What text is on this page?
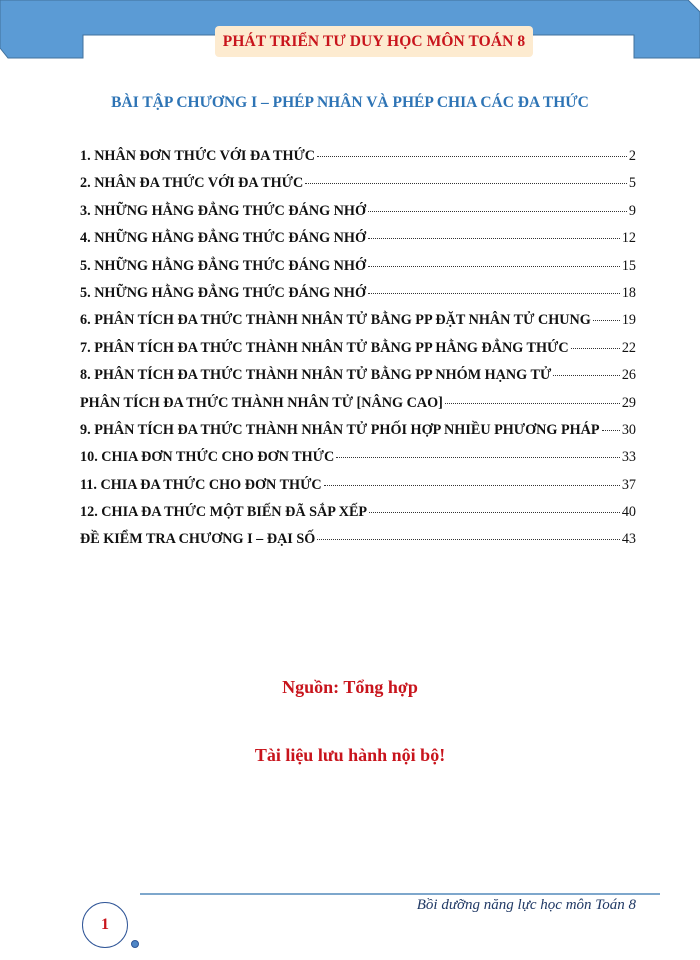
PHÁT TRIỂN TƯ DUY HỌC MÔN TOÁN 8
BÀI TẬP CHƯƠNG I – PHÉP NHÂN VÀ PHÉP CHIA CÁC ĐA THỨC
1. NHÂN ĐƠN THỨC VỚI ĐA THỨC	2
2. NHÂN ĐA THỨC VỚI ĐA THỨC	5
3. NHỮNG HẰNG ĐẲNG THỨC ĐÁNG NHỚ	9
4. NHỮNG HẰNG ĐẲNG THỨC ĐÁNG NHỚ	12
5. NHỮNG HẰNG ĐẲNG THỨC ĐÁNG NHỚ	15
5. NHỮNG HẰNG ĐẲNG THỨC ĐÁNG NHỚ	18
6. PHÂN TÍCH ĐA THỨC THÀNH NHÂN TỬ BẰNG PP ĐẶT NHÂN TỬ CHUNG 19
7. PHÂN TÍCH ĐA THỨC THÀNH NHÂN TỬ BẰNG PP HẰNG ĐẲNG THỨC	22
8. PHÂN TÍCH ĐA THỨC THÀNH NHÂN TỬ BẰNG PP NHÓM HẠNG TỬ	26
PHÂN TÍCH ĐA THỨC THÀNH NHÂN TỬ [NÂNG CAO]	29
9. PHÂN TÍCH ĐA THỨC THÀNH NHÂN TỬ PHỐI HỢP NHIỀU PHƯƠNG PHÁP 30
10. CHIA ĐƠN THỨC CHO ĐƠN THỨC	33
11. CHIA ĐA THỨC CHO ĐƠN THỨC	37
12. CHIA ĐA THỨC MỘT BIẾN ĐÃ SẮP XẾP	40
ĐỀ KIỂM TRA CHƯƠNG I – ĐẠI SỐ	43
Nguồn: Tổng hợp
Tài liệu lưu hành nội bộ!
Bồi dưỡng năng lực học môn Toán 8
1
